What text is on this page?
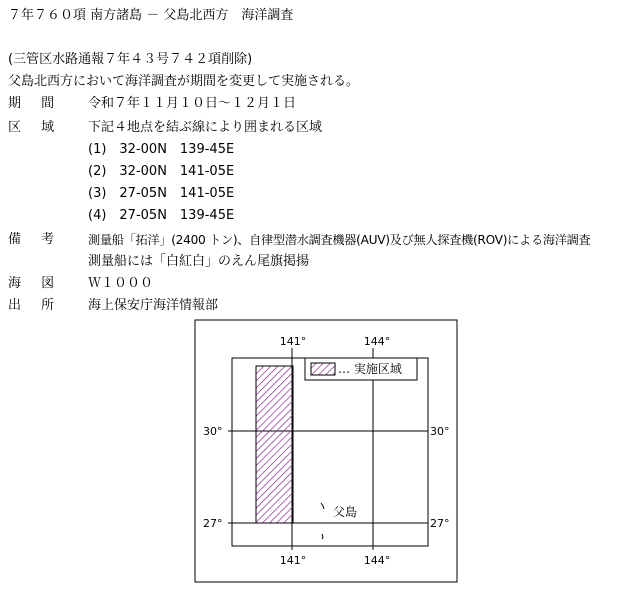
７年７６０項 南方諸島 － 父島北西方　海洋調査
(三管区水路通報７年４３号７４２項削除)
父島北西方において海洋調査が期間を変更して実施される。
期 間 令和７年１１月１０日〜１２月１日
区 域 下記４地点を結ぶ線により囲まれる区域
(1)　32-00N　139-45E
(2)　32-00N　141-05E
(3)　27-05N　141-05E
(4)　27-05N　139-45E
備 考 測量船「拓洋」(2400 トン)、自律型潜水調査機器(AUV)及び無人探査機(ROV)による海洋調査
測量船には「白紅白」のえん尾旗掲揚
海 図 Ｗ１０００
出 所 海上保安庁海洋情報部
141°	144°
141°	144°
30°	30°
27°	27°
… 実施区域
父島
